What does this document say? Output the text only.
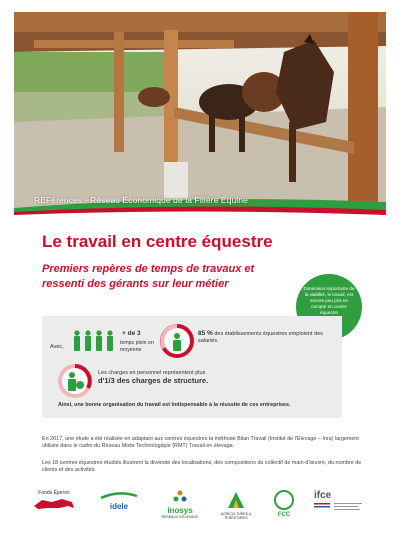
REFérences - Réseau Économique de la Filière Équine
Le travail en centre équestre
Premiers repères de temps de travaux et ressenti des gérants sur leur métier	Dimension importante de la viabilité, le travail, est encore peu pris en compte en centre équestre
Avec,
+ de 3
temps plein en moyenne
85 % des établissements équestres emploient des salariés.
Les charges en personnel représentent plus
d'1/3 des charges de structure.
Ainsi, une bonne organisation du travail est indispensable à la réussite de ces entreprises.
En 2017, une étude a été réalisée en adaptant aux centres équestres la méthode Bilan Travail (Institut de l'Elevage – Inra) largement utilisée dans le cadre du Réseau Mixte Technologique (RMT) Travail en élevage.
Les 18 centres équestres étudiés illustrent la diversité des localisations, des compositions du collectif de main-d'œuvre, du nombre de clients et des activités.
Fonds Éperon
idele	inosys
RÉSEAUX D'ÉLEVAGE
AGRICULTURES & TERRITOIRES	FCC
ifce
